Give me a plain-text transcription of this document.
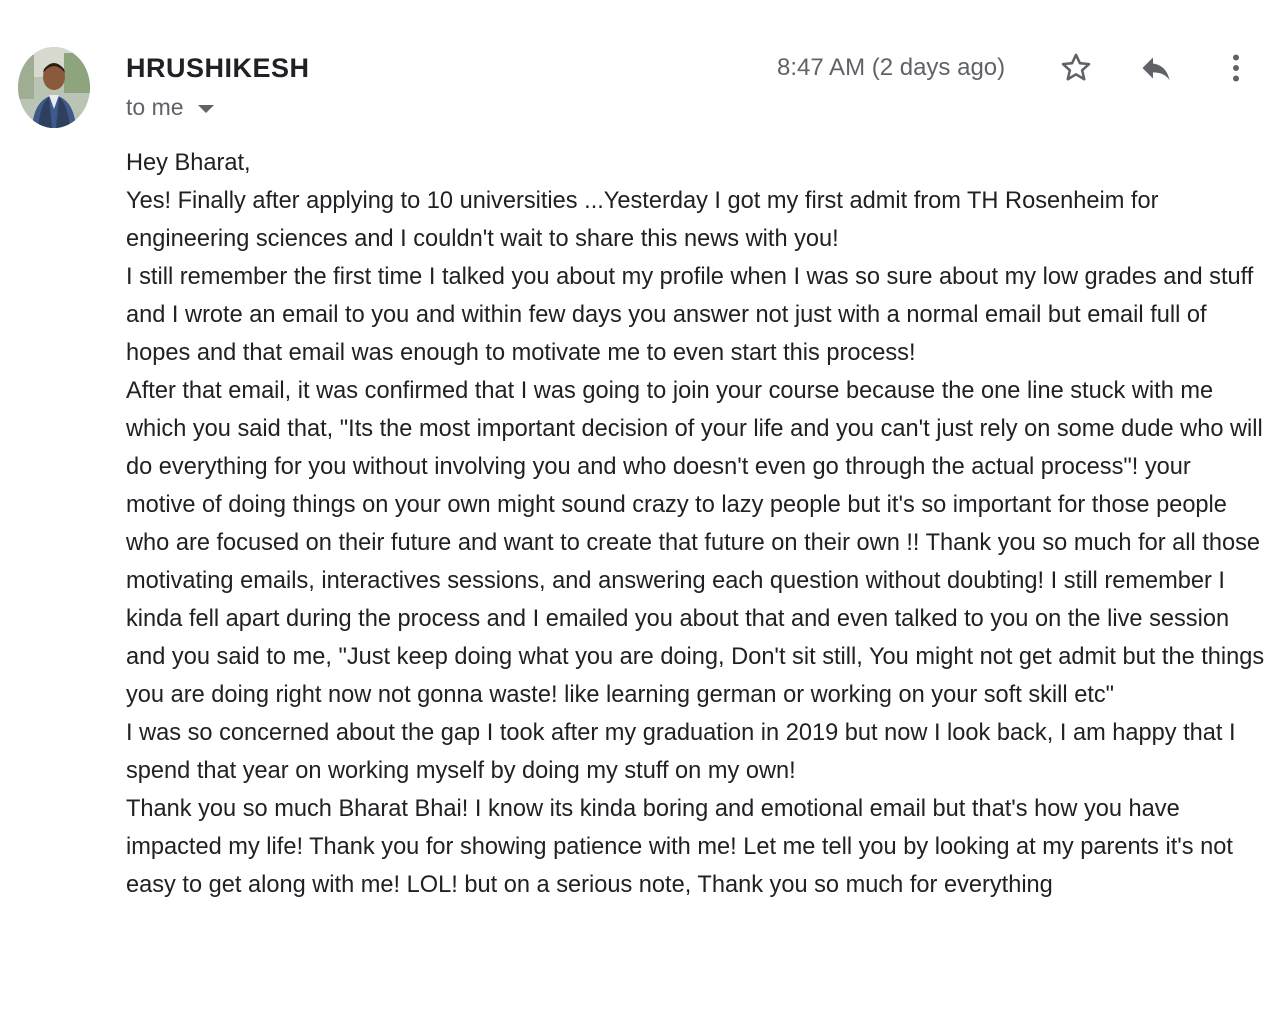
HRUSHIKESH
to me
8:47 AM (2 days ago)

Hey Bharat,

Yes! Finally after applying to 10 universities ...Yesterday I got my first admit from TH Rosenheim for engineering sciences and I couldn't wait to share this news with you!

I still remember the first time I talked you about my profile when I was so sure about my low grades and stuff and I wrote an email to you and within few days you answer not just with a normal email but email full of hopes and that email was enough to motivate me to even start this process!

After that email, it was confirmed that I was going to join your course because the one line stuck with me which you said that, "Its the most important decision of your life and you can't just rely on some dude who will do everything for you without involving you and who doesn't even go through the actual process"! your motive of doing things on your own might sound crazy to lazy people but it's so important for those people who are focused on their future and want to create that future on their own !! Thank you so much for all those motivating emails, interactives sessions, and answering each question without doubting! I still remember I kinda fell apart during the process and I emailed you about that and even talked to you on the live session and you said to me, "Just keep doing what you are doing, Don't sit still, You might not get admit but the things you are doing right now not gonna waste! like learning german or working on your soft skill etc"

I was so concerned about the gap I took after my graduation in 2019 but now I look back, I am happy that I spend that year on working myself by doing my stuff on my own!

Thank you so much Bharat Bhai! I know its kinda boring and emotional email but that's how you have impacted my life! Thank you for showing patience with me! Let me tell you by looking at my parents it's not easy to get along with me! LOL! but on a serious note, Thank you so much for everything
